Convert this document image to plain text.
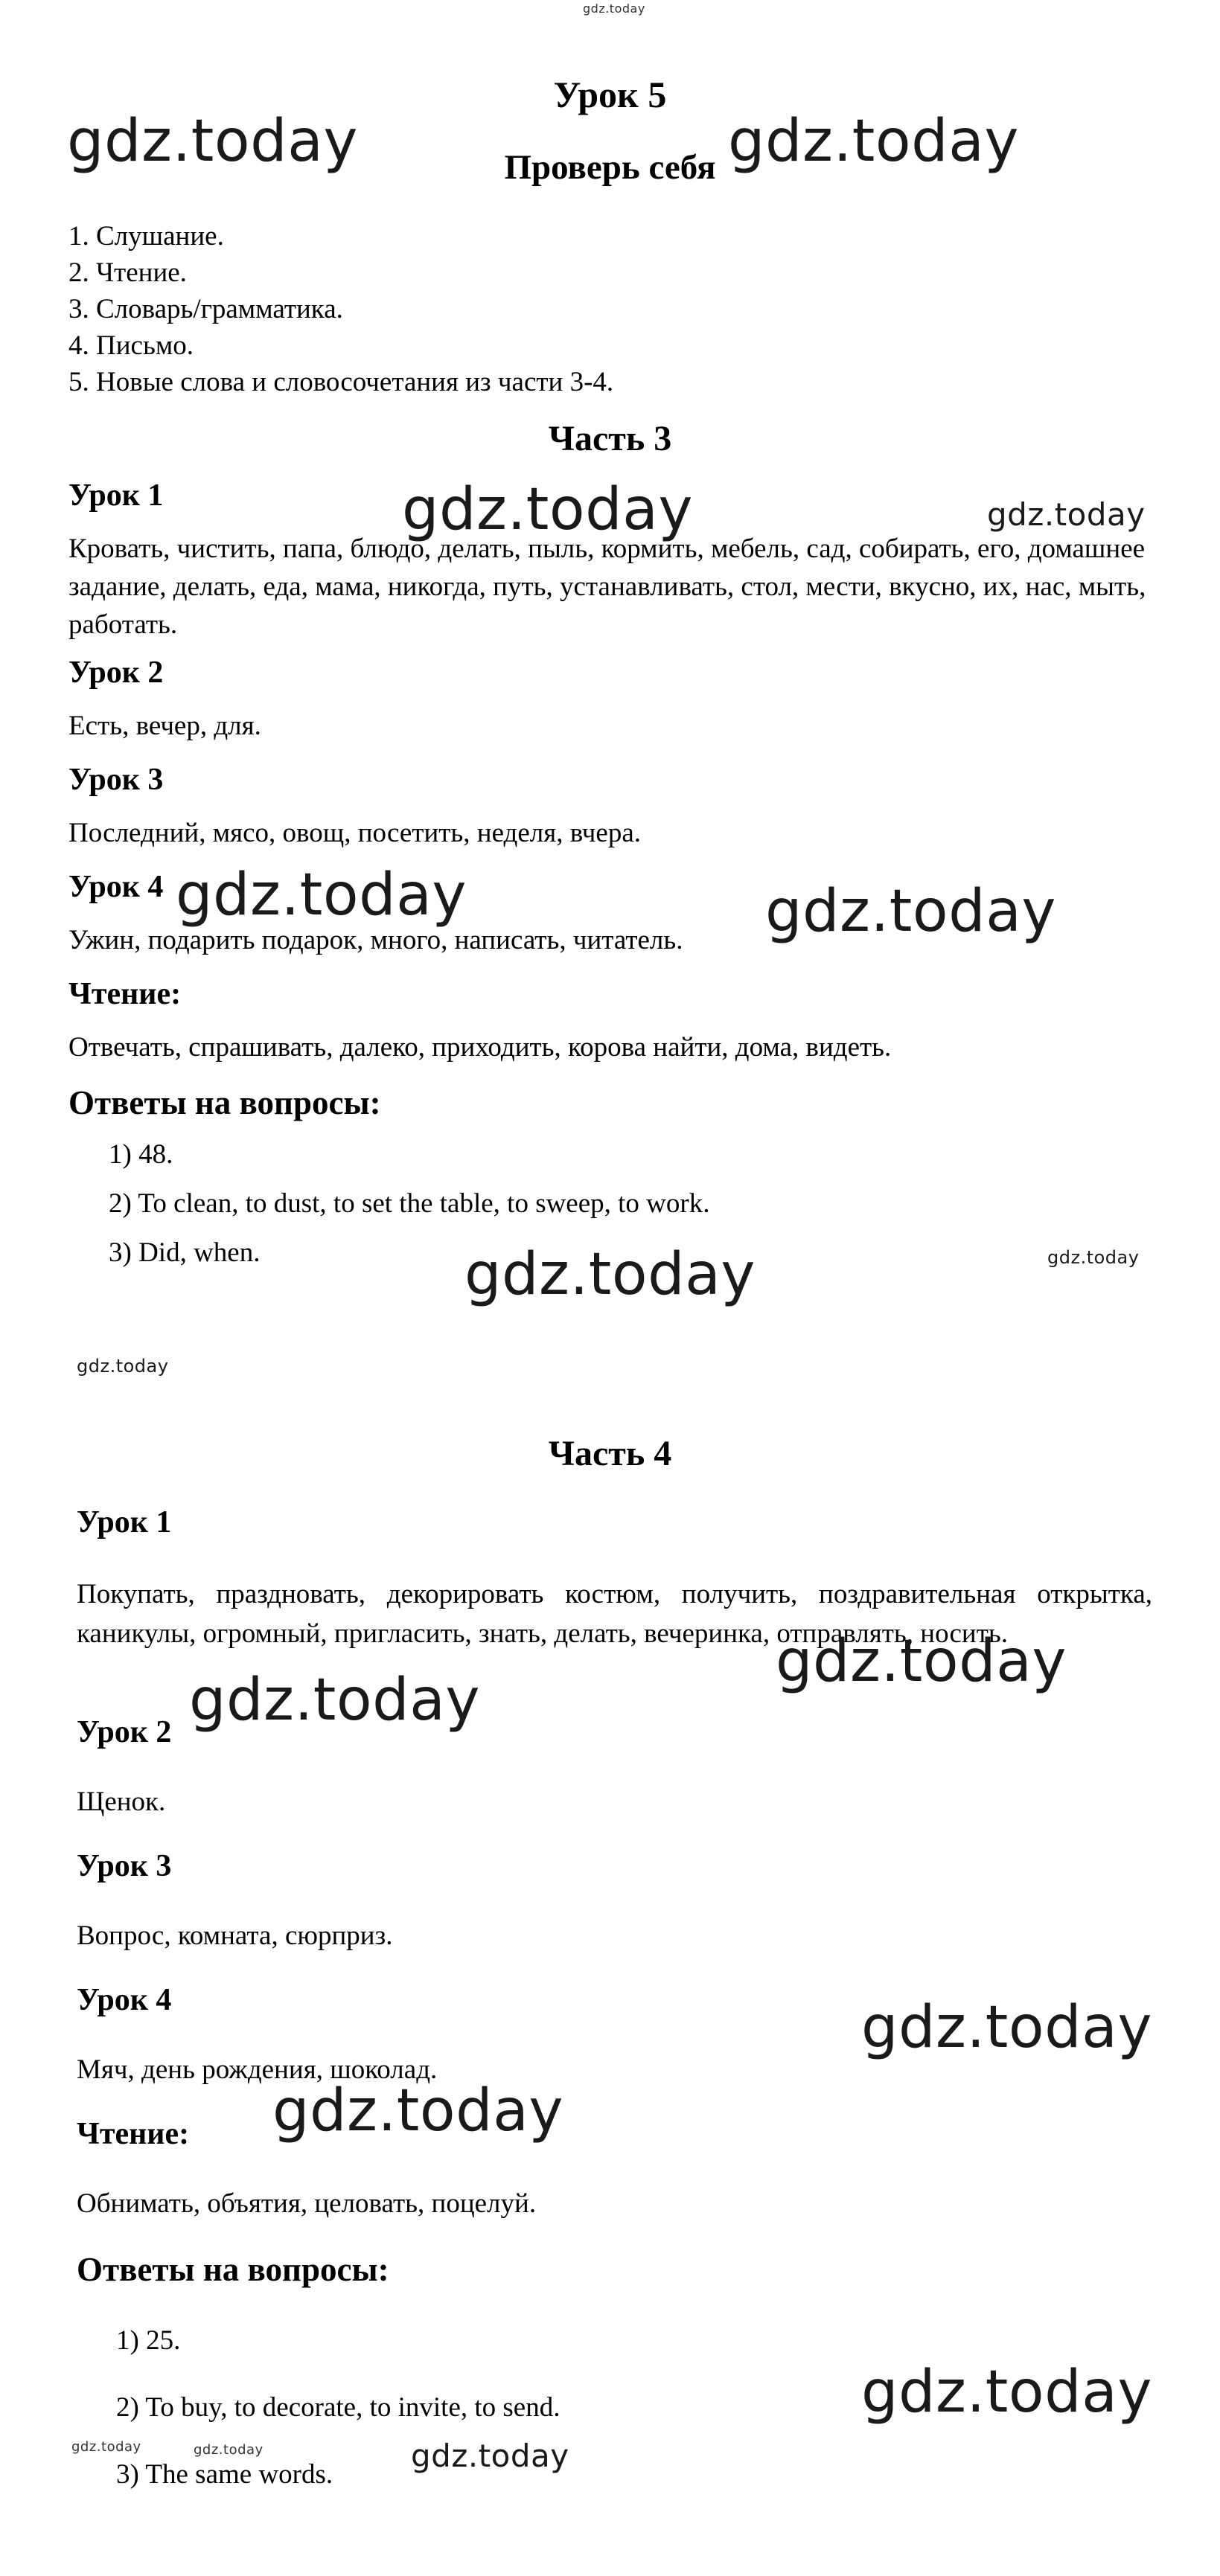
gdz.today
Урок 5
Проверь себя
1. Слушание.
2. Чтение.
3. Словарь/грамматика.
4. Письмо.
5. Новые слова и словосочетания из части 3-4.
Часть 3
Урок 1
Кровать, чистить, папа, блюдо, делать, пыль, кормить, мебель, сад, собирать, его, домашнее задание, делать, еда, мама, никогда, путь, устанавливать, стол, мести, вкусно, их, нас, мыть, работать.
Урок 2
Есть, вечер, для.
Урок 3
Последний, мясо, овощ, посетить, неделя, вчера.
Урок 4
Ужин, подарить подарок, много, написать, читатель.
Чтение:
Отвечать, спрашивать, далеко, приходить, корова найти, дома, видеть.
Ответы на вопросы:
1) 48.
2) To clean, to dust, to set the table, to sweep, to work.
3) Did, when.
Часть 4
Урок 1
Покупать, праздновать, декорировать костюм, получить, поздравительная открытка, каникулы, огромный, пригласить, знать, делать, вечеринка, отправлять, носить.
Урок 2
Щенок.
Урок 3
Вопрос, комната, сюрприз.
Урок 4
Мяч, день рождения, шоколад.
Чтение:
Обнимать, объятия, целовать, поцелуй.
Ответы на вопросы:
1) 25.
2) To buy, to decorate, to invite, to send.
3) The same words.
gdz.today	gdz.today
gdz.today	gdz.today
gdz.today	gdz.today
gdz.today	gdz.today
gdz.today
gdz.today
gdz.today
gdz.today
gdz.today
gdz.today
gdz.today	gdz.today	gdz.today
